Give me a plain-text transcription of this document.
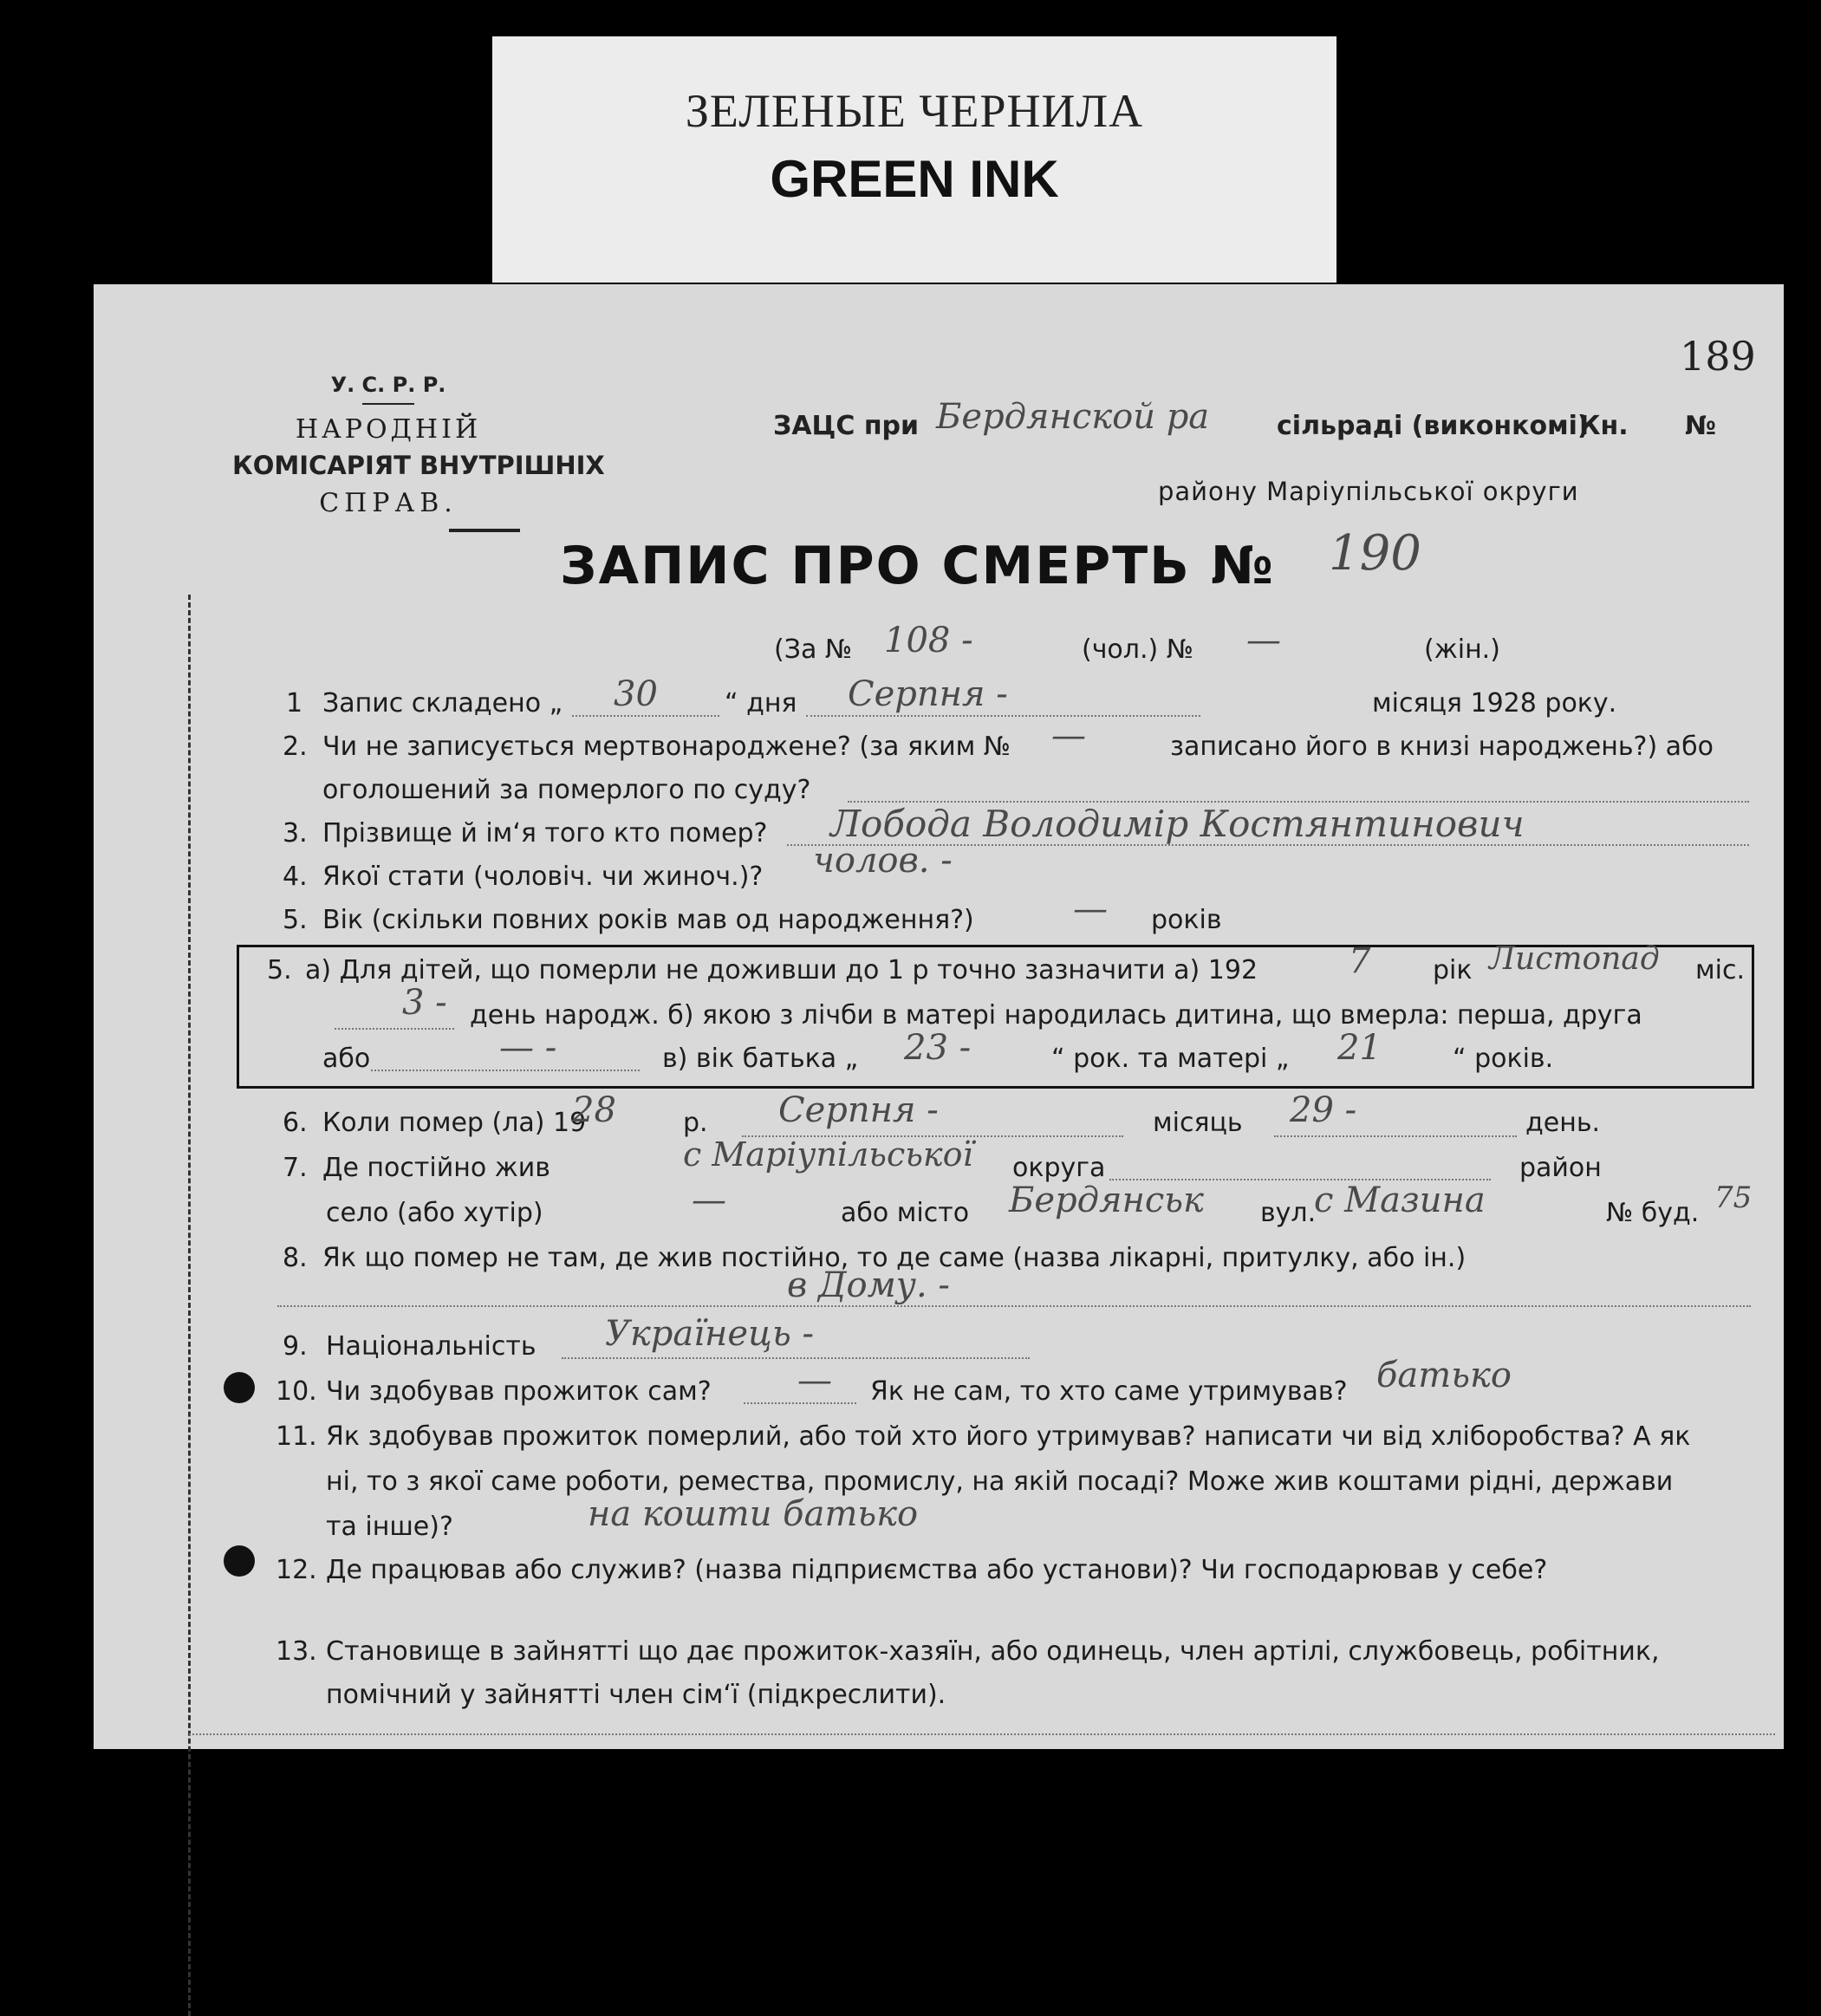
ЗЕЛЕНЫЕ ЧЕРНИЛА
GREEN INK
У. С. Р. Р.
НАРОДНІЙ
КОМІСАРІЯТ ВНУТРІШНІХ
СПРАВ.
ЗАЦС при Бердянской ра	сільраді (виконкомі)
Кн. №
189
району Маріупільської округи
ЗАПИС ПРО СМЕРТЬ № 190
(За № 108 -	(чол.) № —	(жін.)
1 Запис складено „ 30	“ дня Серпня -	місяця 1928 року.
2. Чи не записується мертвонароджене? (за яким № —	записано його в книзі народжень?) або
оголошений за померлого по суду?
3. Прізвище й ім‘я того кто помер? Лобода Володимір Костянтинович
4. Якої стати (чоловіч. чи жиноч.)? чолов. -
5. Вік (скільки повних років мав од народження?)	— років
5. а) Для дітей, що померли не доживши до 1 р точно зазначити а) 192	7 рік Листопад міс.
3 - день народж. б) якою з лічби в матері народилась дитина, що вмерла: перша, друга
або	— -	в) вік батька „ 23 -	“ рок. та матері „ 21	“ років.
6. Коли помер (ла) 19
28	р. Серпня -	місяць 29 -	день.
7. Де постійно жив	с Маріупільської округа	район
село (або хутір)	—	або місто Бердянськ вул.
с Мазина	№ буд. 75
8. Як що помер не там, де жив постійно, то де саме (назва лікарні, притулку, або ін.)
в Дому. -
9. Національність Українець -
10. Чи здобував прожиток сам? — Як не сам, то хто саме утримував? батько
11. Як здобував прожиток померлий, або той хто його утримував? написати чи від хліборобства? А як
ні, то з якої саме роботи, ремества, промислу, на якій посаді? Може жив коштами рідні, держави
та інше)?	на кошти батько
12. Де працював або служив? (назва підприємства або установи)? Чи господарював у себе?
13. Становище в зайнятті що дає прожиток-хазяїн, або одинець, член артілі, службовець, робітник,
помічний у зайнятті член сім‘ї (підкреслити).
